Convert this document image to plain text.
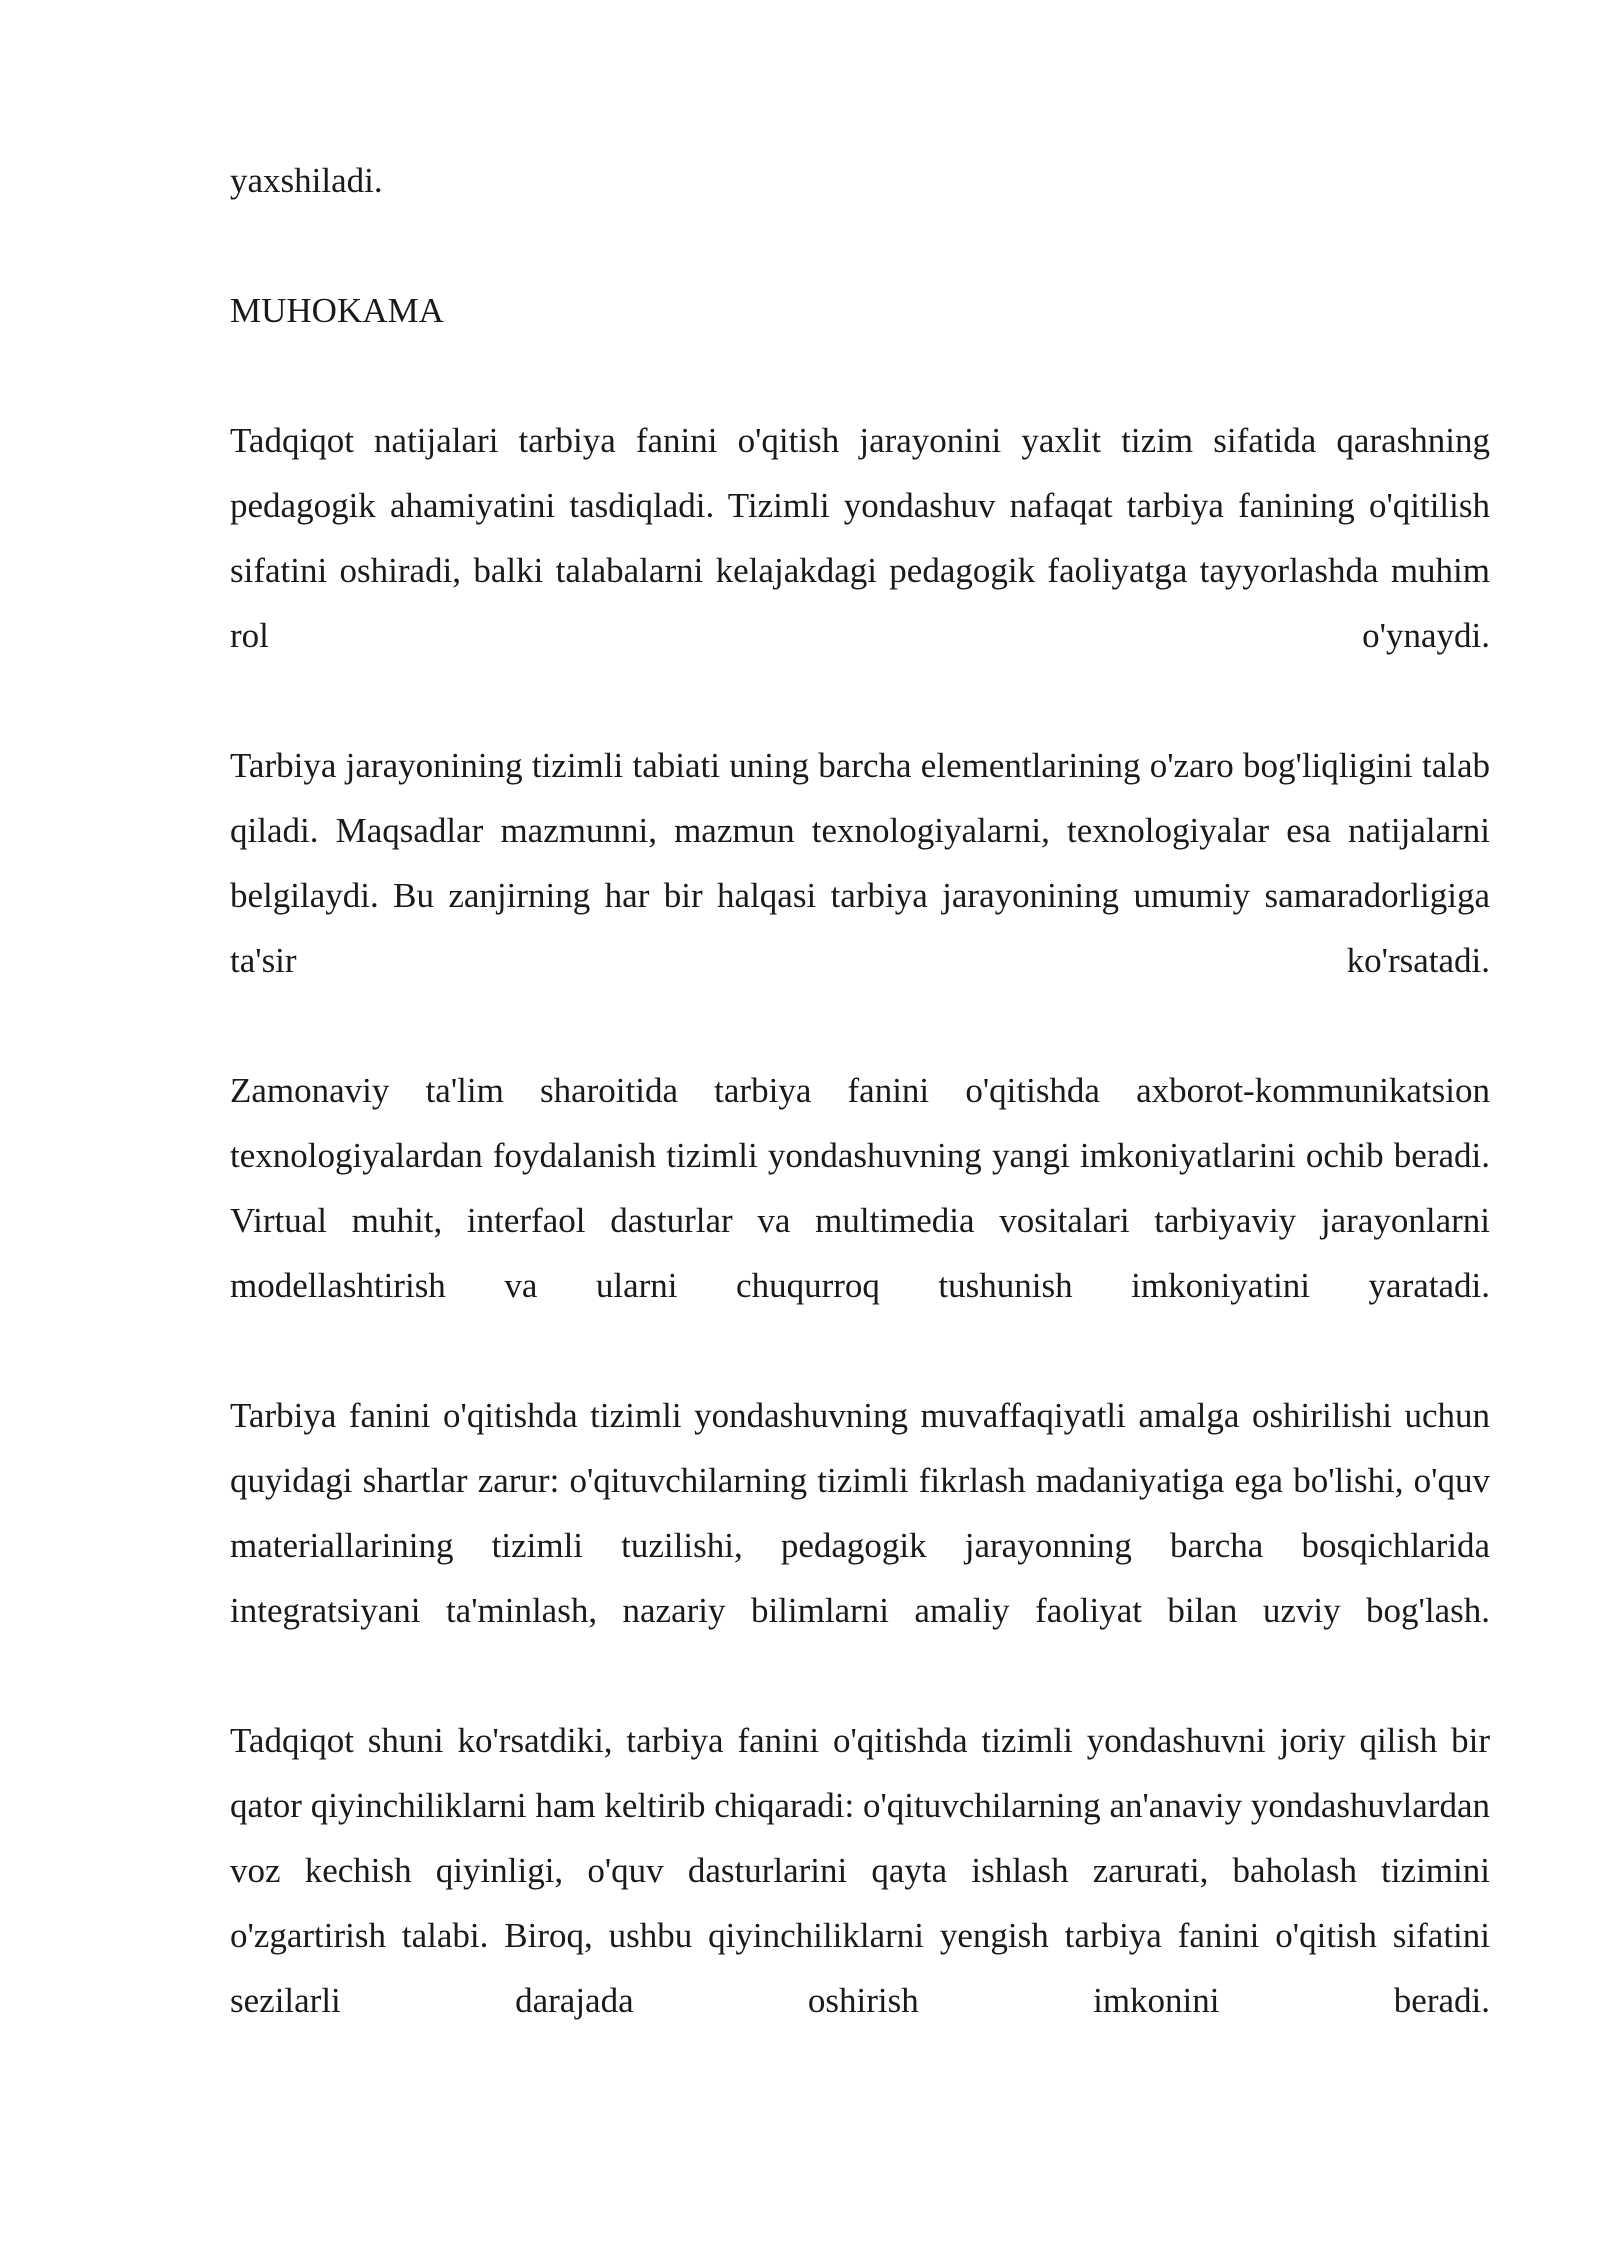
yaxshiladi.

MUHOKAMA

Tadqiqot natijalari tarbiya fanini o'qitish jarayonini yaxlit tizim sifatida qarashning pedagogik ahamiyatini tasdiqladi. Tizimli yondashuv nafaqat tarbiya fanining o'qitilish sifatini oshiradi, balki talabalarni kelajakdagi pedagogik faoliyatga tayyorlashda muhim rol o'ynaydi.

Tarbiya jarayonining tizimli tabiati uning barcha elementlarining o'zaro bog'liqligini talab qiladi. Maqsadlar mazmunni, mazmun texnologiyalarni, texnologiyalar esa natijalarni belgilaydi. Bu zanjirning har bir halqasi tarbiya jarayonining umumiy samaradorligiga ta'sir ko'rsatadi.

Zamonaviy ta'lim sharoitida tarbiya fanini o'qitishda axborot-kommunikatsion texnologiyalardan foydalanish tizimli yondashuvning yangi imkoniyatlarini ochib beradi. Virtual muhit, interfaol dasturlar va multimedia vositalari tarbiyaviy jarayonlarni modellashtirish va ularni chuqurroq tushunish imkoniyatini yaratadi.

Tarbiya fanini o'qitishda tizimli yondashuvning muvaffaqiyatli amalga oshirilishi uchun quyidagi shartlar zarur: o'qituvchilarning tizimli fikrlash madaniyatiga ega bo'lishi, o'quv materiallarining tizimli tuzilishi, pedagogik jarayonning barcha bosqichlarida integratsiyani ta'minlash, nazariy bilimlarni amaliy faoliyat bilan uzviy bog'lash.

Tadqiqot shuni ko'rsatdiki, tarbiya fanini o'qitishda tizimli yondashuvni joriy qilish bir qator qiyinchiliklarni ham keltirib chiqaradi: o'qituvchilarning an'anaviy yondashuvlardan voz kechish qiyinligi, o'quv dasturlarini qayta ishlash zarurati, baholash tizimini o'zgartirish talabi. Biroq, ushbu qiyinchiliklarni yengish tarbiya fanini o'qitish sifatini sezilarli darajada oshirish imkonini beradi.
